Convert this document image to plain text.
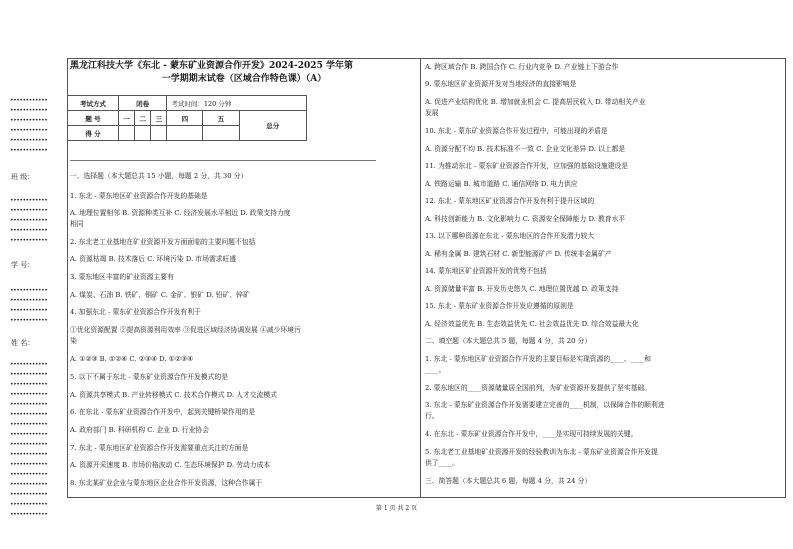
••••••••••••
••••••••••••
••••••••••••
••••••••••••
••••••••••••
••••••••••••
班 级：
••••••••••••
••••••••••••
••••••••••••
••••••••••••
••••••••••••
学 号：
••••••••••••
••••••••••••
••••••••••••
••••••••••••
姓 名：
••••••••••••
••••••••••••
••••••••••••
••••••••••••
••••••••••••
••••••••••••
••••••••••••
••••••••••••
••••••••••••
••••••••••••
••••••••••••
••••••••••••
••••••••••••
••••••••••••
••••••••••••
••••••••••••
黑龙江科技大学《东北 - 蒙东矿业资源合作开发》2024-2025 学年第
一学期期末试卷（区域合作特色课）（A）
考试方式	闭卷			考试时间：120 分钟		
题 号	一	二	三	四	五	总分
得 分						
一、选择题（本大题总共 15 小题，每题 2 分，共 30 分）
1. 东北 - 蒙东地区矿业资源合作开发的基础是
A. 地理位置相邻 B. 资源种类互补 C. 经济发展水平相近 D. 政策支持力度
相同
2. 东北老工业基地在矿业资源开发方面面临的主要问题不包括
A. 资源枯竭 B. 技术落后 C. 环境污染 D. 市场需求旺盛
3. 蒙东地区丰富的矿业资源主要有
A. 煤炭、石油 B. 铁矿、铜矿 C. 金矿、银矿 D. 铅矿、锌矿
4. 加强东北 - 蒙东矿业资源合作开发有利于
①优化资源配置 ②提高资源利用效率 ③促进区域经济协调发展 ④减少环境污
染
A. ①②③ B. ①②④ C. ②③④ D. ①②③④
5. 以下不属于东北 - 蒙东矿业资源合作开发模式的是
A. 资源共享模式 B. 产业转移模式 C. 技术合作模式 D. 人才交流模式
6. 在东北 - 蒙东矿业资源合作开发中，起到关键桥梁作用的是
A. 政府部门 B. 科研机构 C. 企业 D. 行业协会
7. 东北 - 蒙东地区矿业资源合作开发需要重点关注的方面是
A. 资源开采速度 B. 市场价格波动 C. 生态环境保护 D. 劳动力成本
8. 东北某矿业企业与蒙东地区企业合作开发资源，这种合作属于
A. 跨区域合作 B. 跨国合作 C. 行业内竞争 D. 产业链上下游合作
9. 蒙东地区矿业资源开发对当地经济的直接影响是
A. 促进产业结构优化 B. 增加就业机会 C. 提高居民收入 D. 带动相关产业
发展
10. 东北 - 蒙东矿业资源合作开发过程中，可能出现的矛盾是
A. 资源分配不均 B. 技术标准不一致 C. 企业文化差异 D. 以上都是
11. 为推动东北 - 蒙东矿业资源合作开发，应加强的基础设施建设是
A. 铁路运输 B. 城市道路 C. 通信网络 D. 电力供应
12. 东北 - 蒙东地区矿业资源合作开发有利于提升区域的
A. 科技创新能力 B. 文化影响力 C. 资源安全保障能力 D. 教育水平
13. 以下哪种资源在东北 - 蒙东地区的合作开发潜力较大
A. 稀有金属 B. 建筑石材 C. 新型能源矿产 D. 传统非金属矿产
14. 蒙东地区矿业资源开发的优势不包括
A. 资源储量丰富 B. 开发历史悠久 C. 地理位置优越 D. 政策支持
15. 东北 - 蒙东矿业资源合作开发应遵循的原则是
A. 经济效益优先 B. 生态效益优先 C. 社会效益优先 D. 综合效益最大化
二、填空题（本大题总共 5 题，每题 4 分，共 20 分）
1. 东北 - 蒙东地区矿业资源合作开发的主要目标是实现资源的____、____和
____。
2. 蒙东地区的____资源储量居全国前列，为矿业资源开发提供了坚实基础。
3. 东北 - 蒙东矿业资源合作开发需要建立完善的____机制，以保障合作的顺利进
行。
4. 在东北 - 蒙东矿业资源合作开发中，____是实现可持续发展的关键。
5. 东北老工业基地矿业资源开发的经验教训为东北 - 蒙东矿业资源合作开发提
供了____。
三、简答题（本大题总共 6 题，每题 4 分，共 24 分）
第 1 页 共 2 页
